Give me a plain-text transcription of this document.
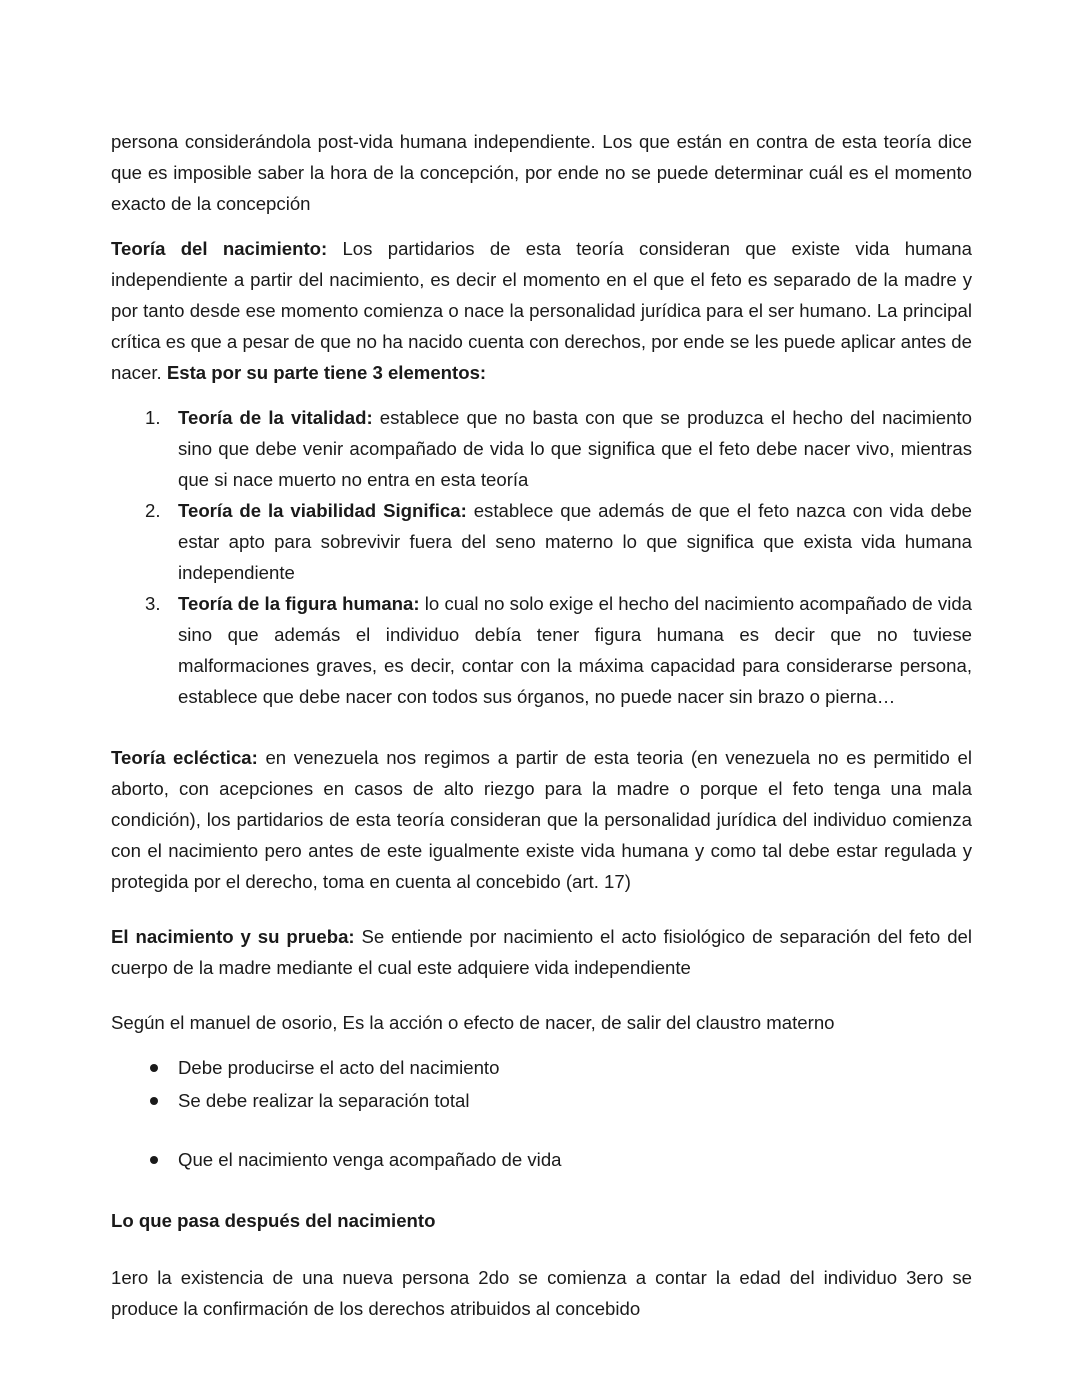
persona considerándola post-vida humana independiente. Los que están en contra de esta teoría dice que es imposible saber la hora de la concepción, por ende no se puede determinar cuál es el momento exacto de la concepción

Teoría del nacimiento: Los partidarios de esta teoría consideran que existe vida humana independiente a partir del nacimiento, es decir el momento en el que el feto es separado de la madre y por tanto desde ese momento comienza o nace la personalidad jurídica para el ser humano. La principal crítica es que a pesar de que no ha nacido cuenta con derechos, por ende se les puede aplicar antes de nacer. Esta por su parte tiene 3 elementos:

1. Teoría de la vitalidad: establece que no basta con que se produzca el hecho del nacimiento sino que debe venir acompañado de vida lo que significa que el feto debe nacer vivo, mientras que si nace muerto no entra en esta teoría
2. Teoría de la viabilidad Significa: establece que además de que el feto nazca con vida debe estar apto para sobrevivir fuera del seno materno lo que significa que exista vida humana independiente
3. Teoría de la figura humana: lo cual no solo exige el hecho del nacimiento acompañado de vida sino que además el individuo debía tener figura humana es decir que no tuviese malformaciones graves, es decir, contar con la máxima capacidad para considerarse persona, establece que debe nacer con todos sus órganos, no puede nacer sin brazo o pierna…

Teoría ecléctica: en venezuela nos regimos a partir de esta teoria (en venezuela no es permitido el aborto, con acepciones en casos de alto riezgo para la madre o porque el feto tenga una mala condición), los partidarios de esta teoría consideran que la personalidad jurídica del individuo comienza con el nacimiento pero antes de este igualmente existe vida humana y como tal debe estar regulada y protegida por el derecho, toma en cuenta al concebido (art. 17)

El nacimiento y su prueba: Se entiende por nacimiento el acto fisiológico de separación del feto del cuerpo de la madre mediante el cual este adquiere vida independiente

Según el manuel de osorio, Es la acción o efecto de nacer, de salir del claustro materno

Debe producirse el acto del nacimiento
Se debe realizar la separación total
Que el nacimiento venga acompañado de vida

Lo que pasa después del nacimiento

1ero la existencia de una nueva persona 2do se comienza a contar la edad del individuo 3ero se produce la confirmación de los derechos atribuidos al concebido
